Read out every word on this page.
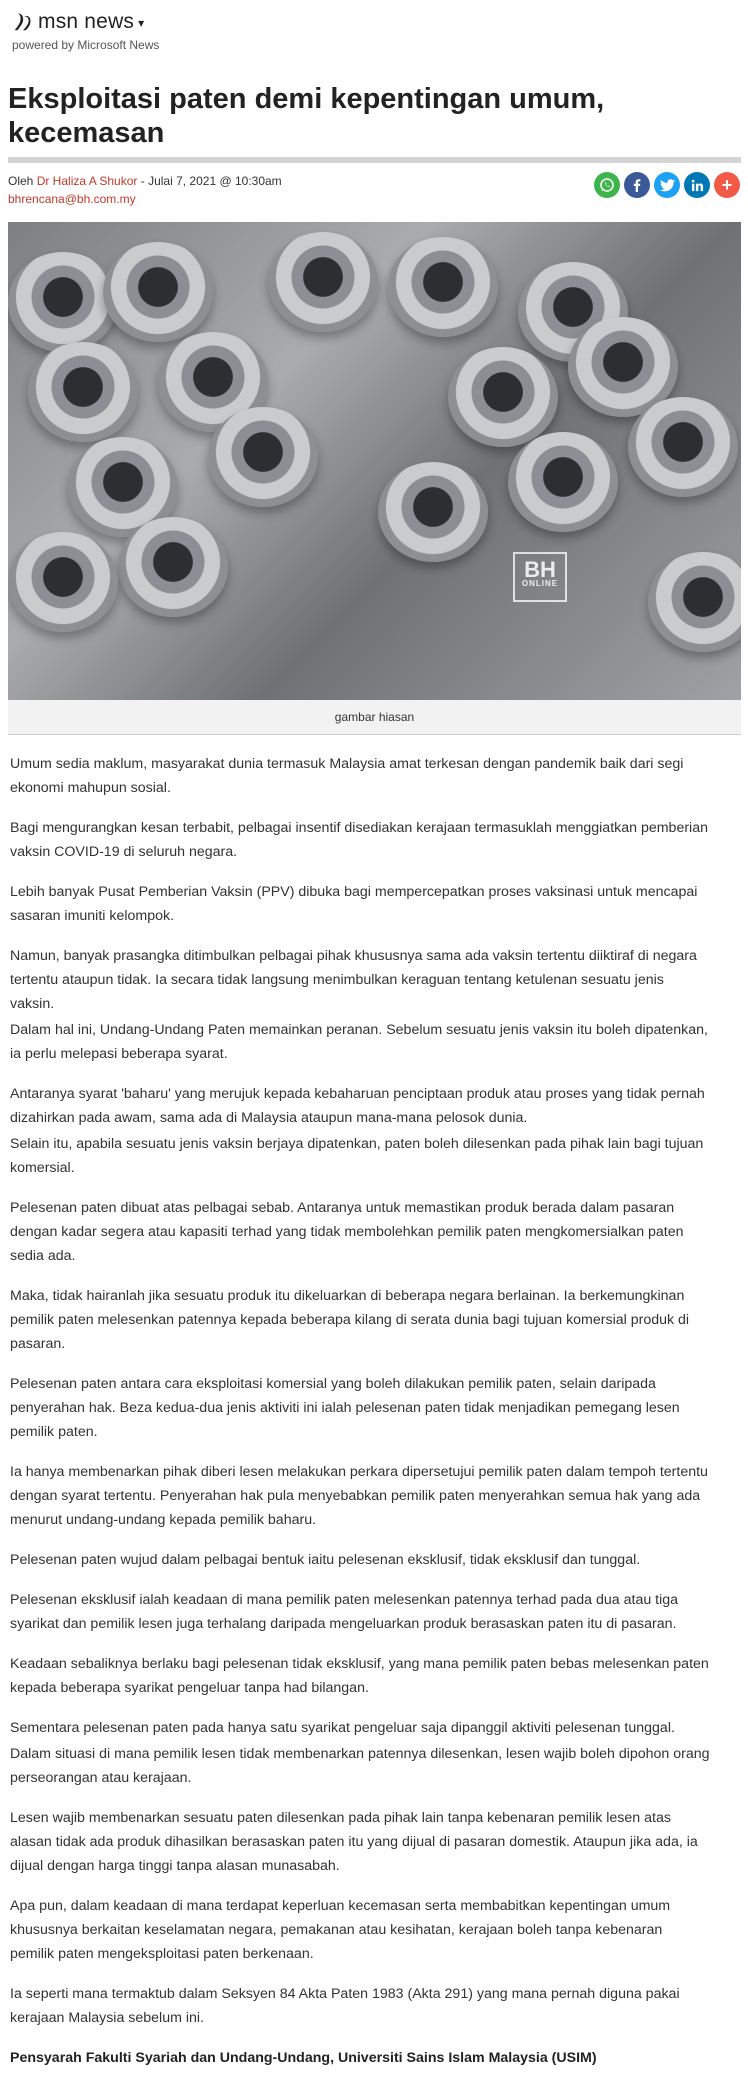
msn news ▾
powered by Microsoft News
Eksploitasi paten demi kepentingan umum, kecemasan
Oleh Dr Haliza A Shukor - Julai 7, 2021 @ 10:30am
bhrencana@bh.com.my
+
BH
ONLINE
gambar hiasan

Umum sedia maklum, masyarakat dunia termasuk Malaysia amat terkesan dengan pandemik baik dari segi ekonomi mahupun sosial.

Bagi mengurangkan kesan terbabit, pelbagai insentif disediakan kerajaan termasuklah menggiatkan pemberian vaksin COVID-19 di seluruh negara.

Lebih banyak Pusat Pemberian Vaksin (PPV) dibuka bagi mempercepatkan proses vaksinasi untuk mencapai sasaran imuniti kelompok.

Namun, banyak prasangka ditimbulkan pelbagai pihak khususnya sama ada vaksin tertentu diiktiraf di negara tertentu ataupun tidak. Ia secara tidak langsung menimbulkan keraguan tentang ketulenan sesuatu jenis vaksin.

Dalam hal ini, Undang-Undang Paten memainkan peranan. Sebelum sesuatu jenis vaksin itu boleh dipatenkan, ia perlu melepasi beberapa syarat.

Antaranya syarat 'baharu' yang merujuk kepada kebaharuan penciptaan produk atau proses yang tidak pernah dizahirkan pada awam, sama ada di Malaysia ataupun mana-mana pelosok dunia.

Selain itu, apabila sesuatu jenis vaksin berjaya dipatenkan, paten boleh dilesenkan pada pihak lain bagi tujuan komersial.

Pelesenan paten dibuat atas pelbagai sebab. Antaranya untuk memastikan produk berada dalam pasaran dengan kadar segera atau kapasiti terhad yang tidak membolehkan pemilik paten mengkomersialkan paten sedia ada.

Maka, tidak hairanlah jika sesuatu produk itu dikeluarkan di beberapa negara berlainan. Ia berkemungkinan pemilik paten melesenkan patennya kepada beberapa kilang di serata dunia bagi tujuan komersial produk di pasaran.

Pelesenan paten antara cara eksploitasi komersial yang boleh dilakukan pemilik paten, selain daripada penyerahan hak. Beza kedua-dua jenis aktiviti ini ialah pelesenan paten tidak menjadikan pemegang lesen pemilik paten.

Ia hanya membenarkan pihak diberi lesen melakukan perkara dipersetujui pemilik paten dalam tempoh tertentu dengan syarat tertentu. Penyerahan hak pula menyebabkan pemilik paten menyerahkan semua hak yang ada menurut undang-undang kepada pemilik baharu.

Pelesenan paten wujud dalam pelbagai bentuk iaitu pelesenan eksklusif, tidak eksklusif dan tunggal.

Pelesenan eksklusif ialah keadaan di mana pemilik paten melesenkan patennya terhad pada dua atau tiga syarikat dan pemilik lesen juga terhalang daripada mengeluarkan produk berasaskan paten itu di pasaran.

Keadaan sebaliknya berlaku bagi pelesenan tidak eksklusif, yang mana pemilik paten bebas melesenkan paten kepada beberapa syarikat pengeluar tanpa had bilangan.

Sementara pelesenan paten pada hanya satu syarikat pengeluar saja dipanggil aktiviti pelesenan tunggal.

Dalam situasi di mana pemilik lesen tidak membenarkan patennya dilesenkan, lesen wajib boleh dipohon orang perseorangan atau kerajaan.

Lesen wajib membenarkan sesuatu paten dilesenkan pada pihak lain tanpa kebenaran pemilik lesen atas alasan tidak ada produk dihasilkan berasaskan paten itu yang dijual di pasaran domestik. Ataupun jika ada, ia dijual dengan harga tinggi tanpa alasan munasabah.

Apa pun, dalam keadaan di mana terdapat keperluan kecemasan serta membabitkan kepentingan umum khususnya berkaitan keselamatan negara, pemakanan atau kesihatan, kerajaan boleh tanpa kebenaran pemilik paten mengeksploitasi paten berkenaan.

Ia seperti mana termaktub dalam Seksyen 84 Akta Paten 1983 (Akta 291) yang mana pernah diguna pakai kerajaan Malaysia sebelum ini.

Pensyarah Fakulti Syariah dan Undang-Undang, Universiti Sains Islam Malaysia (USIM)
